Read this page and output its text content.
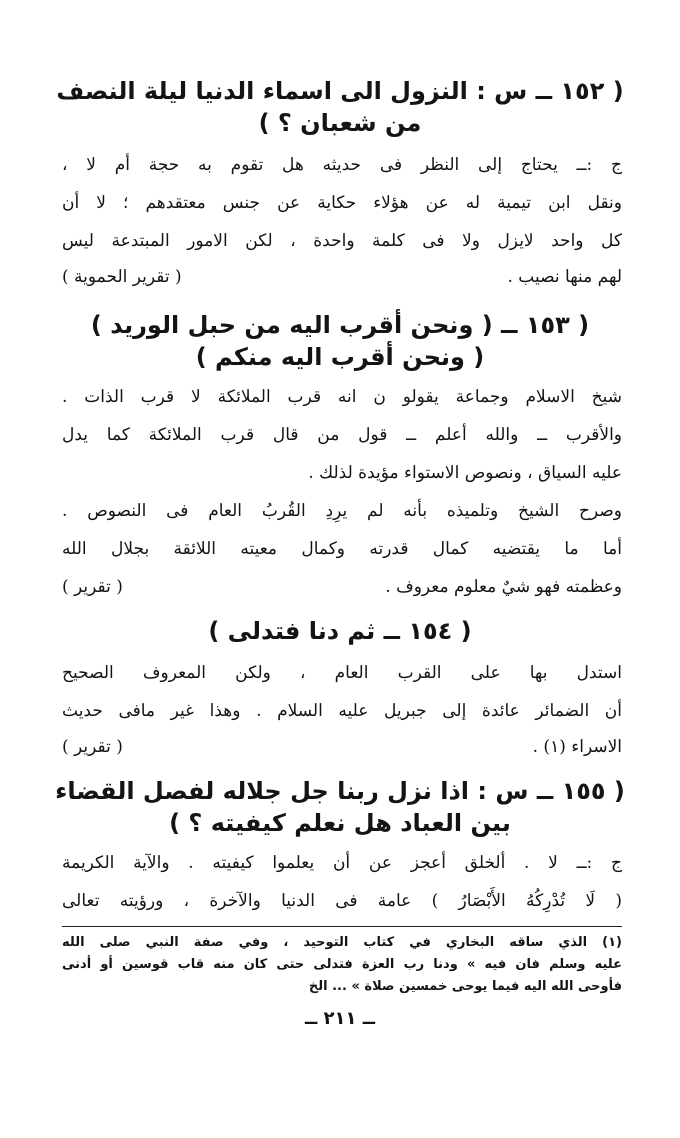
( ١٥٢ ــ س : النزول الى اسماء الدنيا ليلة النصف
من شعبان ؟ )
ج :ــ يحتاج إلى النظر فى حديثه هل تقوم به حجة أم لا ،
ونقل ابن تيمية له عن هؤلاء حكاية عن جنس معتقدهم ؛ لا أن
كل واحد لايزل ولا فى كلمة واحدة ، لكن الامور المبتدعة ليس
لهم منها نصيب .
( تقرير الحموية )
( ١٥٣ ــ ( ونحن أقرب اليه من حبل الوريد )
( ونحن أقرب اليه منكم )
شيخ الاسلام وجماعة يقولو ن انه قرب الملائكة لا قرب الذات .
والأقرب ــ والله أعلم ــ قول من قال قرب الملائكة كما يدل
عليه السياق ، ونصوص الاستواء مؤيدة لذلك .
وصرح الشيخ وتلميذه بأنه لم يرِدِ القُربُ العام فى النصوص .
أما ما يقتضيه كمال قدرته وكمال معيته اللائقة بجلال الله
وعظمته فهو شيٌ معلوم معروف .
( تقرير )
( ١٥٤ ــ ثم دنا فتدلى )
استدل بها على القرب العام ، ولكن المعروف الصحيح
أن الضمائر عائدة إلى جبريل عليه السلام . وهذا غير مافى حديث
الاسراء (١) .
( تقرير )
( ١٥٥ ــ س : اذا نزل ربنا جل جلاله لفصل القضاء
بين العباد هل نعلم كيفيته ؟ )
ج :ــ لا . ألخلق أعجز عن أن يعلموا كيفيته . والآية الكريمة
( لَا تُدْرِكُهُ الأَبْصَارُ ) عامة فى الدنيا والآخرة ، ورؤيته تعالى
(١) الذي ساقه البخاري في كتاب التوحيد ، وفي صفة النبي صلى الله
عليه وسلم فان فيه » ودنا رب العزة فتدلى حتى كان منه قاب قوسين أو أدنى
فأوحى الله اليه فيما يوحى خمسين صلاة » ... الخ
ــ ٢١١ ــ
